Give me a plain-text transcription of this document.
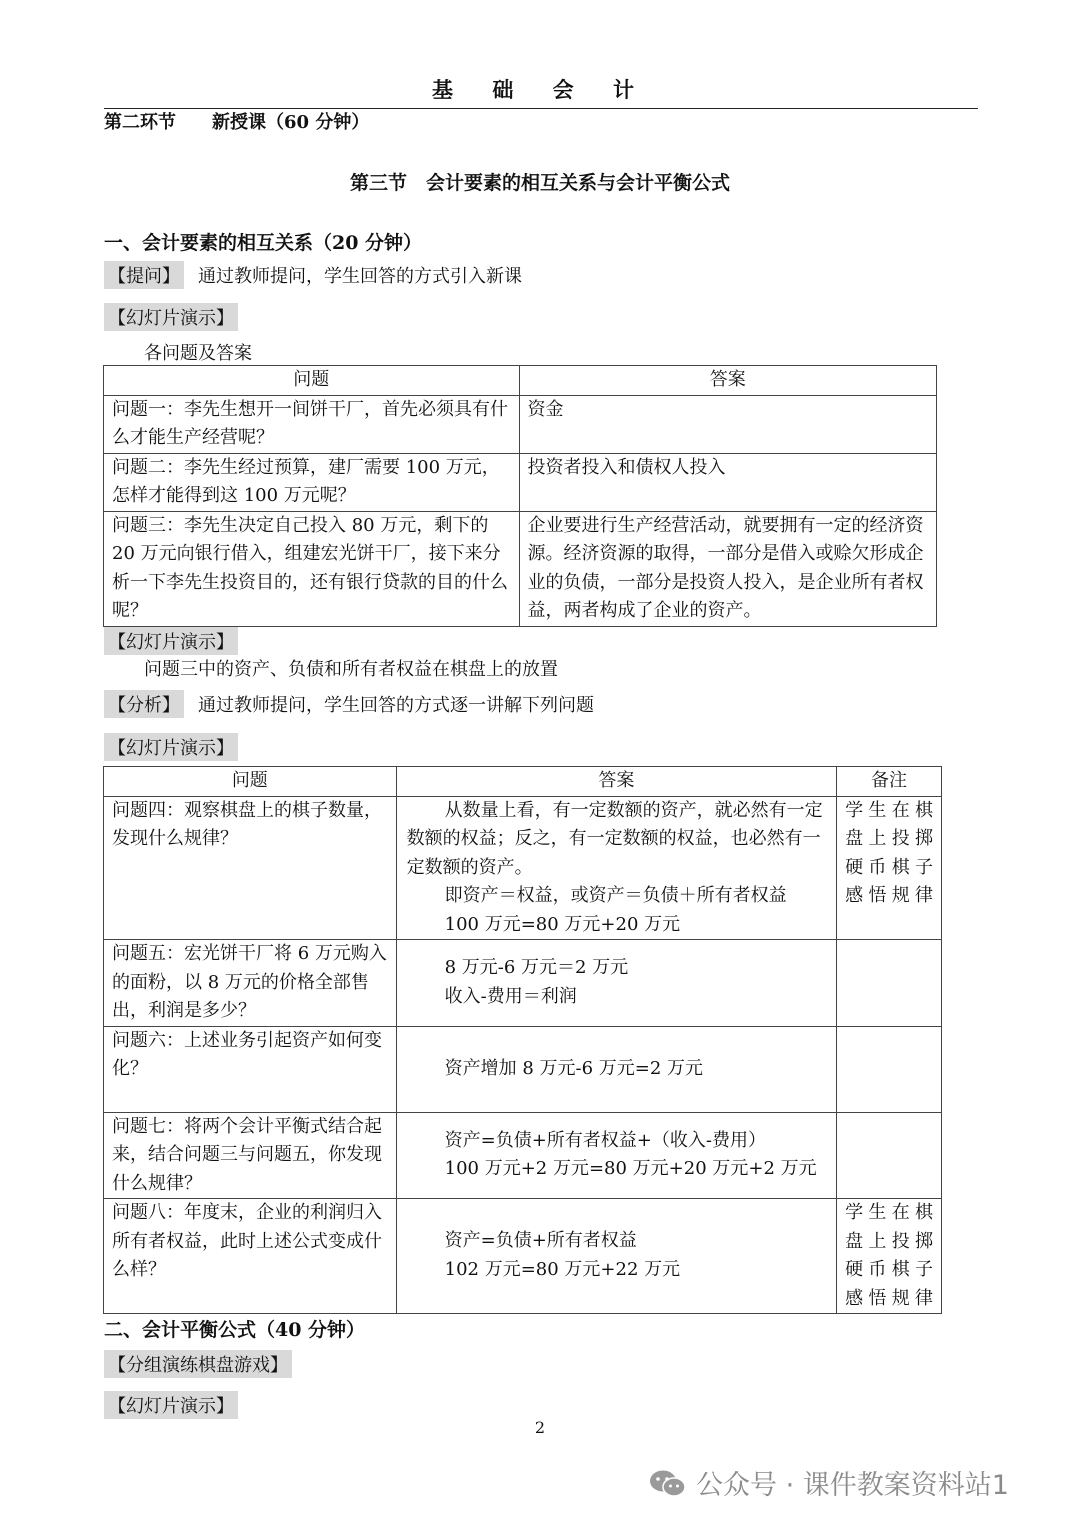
基 础 会 计
第二环节 新授课（60 分钟）
第三节　会计要素的相互关系与会计平衡公式
一、会计要素的相互关系（20 分钟）
【提问】 通过教师提问，学生回答的方式引入新课
【幻灯片演示】
各问题及答案
问题	答案
问题一：李先生想开一间饼干厂，首先必须具有什么才能生产经营呢？	资金
问题二：李先生经过预算，建厂需要 100 万元，怎样才能得到这 100 万元呢？	投资者投入和债权人投入
问题三：李先生决定自己投入 80 万元，剩下的 20 万元向银行借入，组建宏光饼干厂，接下来分析一下李先生投资目的，还有银行贷款的目的什么呢？	企业要进行生产经营活动，就要拥有一定的经济资源。经济资源的取得，一部分是借入或赊欠形成企业的负债，一部分是投资人投入，是企业所有者权益，两者构成了企业的资产。
【幻灯片演示】
问题三中的资产、负债和所有者权益在棋盘上的放置
【分析】 通过教师提问，学生回答的方式逐一讲解下列问题
【幻灯片演示】
问题	答案	备注
问题四：观察棋盘上的棋子数量，发现什么规律？	从数量上看，有一定数额的资产，就必然有一定数额的权益；反之，有一定数额的权益，也必然有一定数额的资产。
即资产＝权益，或资产＝负债＋所有者权益
100 万元=80 万元+20 万元	学生在棋盘上投掷硬币棋子感悟规律
问题五：宏光饼干厂将 6 万元购入的面粉，以 8 万元的价格全部售出，利润是多少？	8 万元-6 万元＝2 万元
收入-费用＝利润	

问题六：上述业务引起资产如何变化？	资产增加 8 万元-6 万元=2 万元	

问题七：将两个会计平衡式结合起来，结合问题三与问题五，你发现什么规律？	资产=负债+所有者权益+（收入-费用）
100 万元+2 万元=80 万元+20 万元+2 万元	

问题八：年度末，企业的利润归入所有者权益，此时上述公式变成什么样？	资产=负债+所有者权益
102 万元=80 万元+22 万元	学生在棋盘上投掷硬币棋子感悟规律
二、会计平衡公式（40 分钟）
【分组演练棋盘游戏】
【幻灯片演示】
2
公众号 · 课件教案资料站1
